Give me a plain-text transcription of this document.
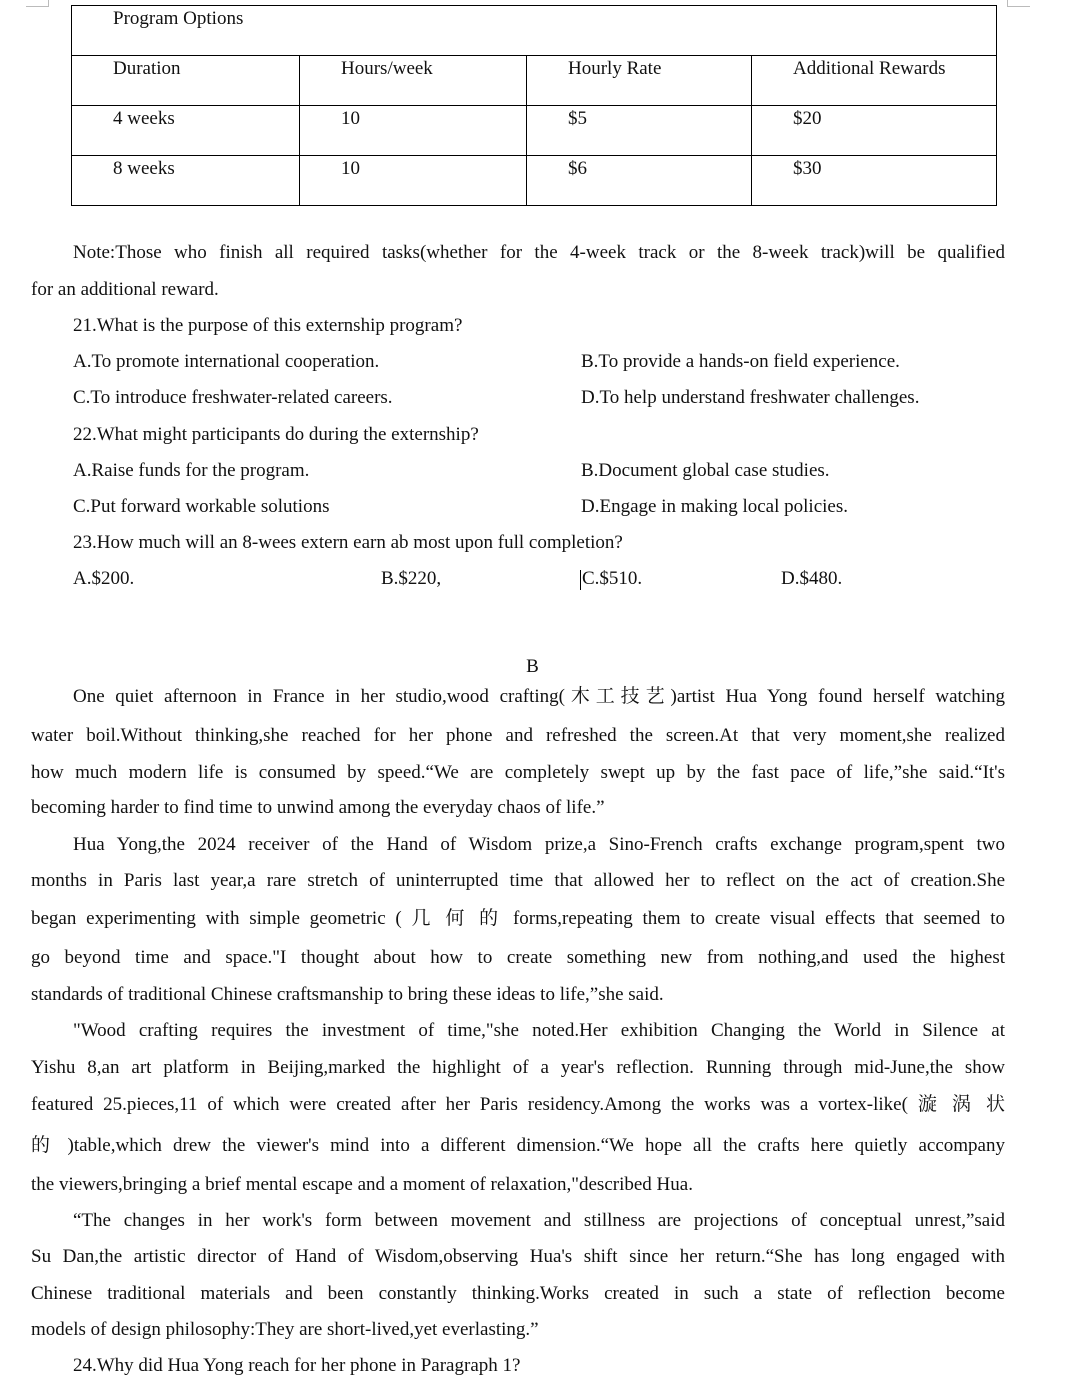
Program Options			
Duration	Hours/week	Hourly Rate	Additional Rewards
4 weeks	10	$5	$20
8 weeks	10	$6	$30
Note:Those who finish all required tasks(whether for the 4-week track or the 8-week track)will be qualified
for an additional reward.
21.What is the purpose of this externship program?
A.To promote international cooperation.	B.To provide a hands-on field experience.
C.To introduce freshwater-related careers.	D.To help understand freshwater challenges.
22.What might participants do during the externship?
A.Raise funds for the program.	B.Document global case studies.
C.Put forward workable solutions	D.Engage in making local policies.
23.How much will an 8-wees extern earn ab most upon full completion?
A.$200.	B.$220,	C.$510.	D.$480.
B
One quiet afternoon in France in her studio,wood crafting(木工技艺)artist Hua Yong found herself watching
water boil.Without thinking,she reached for her phone and refreshed the screen.At that very moment,she realized
how much modern life is consumed by speed.“We are completely swept up by the fast pace of life,”she said.“It's
becoming harder to find time to unwind among the everyday chaos of life.”
Hua Yong,the 2024 receiver of the Hand of Wisdom prize,a Sino-French crafts exchange program,spent two
months in Paris last year,a rare stretch of uninterrupted time that allowed her to reflect on the act of creation.She
began experimenting with simple geometric ( 几 何 的 forms,repeating them to create visual effects that seemed to
go beyond time and space."I thought about how to create something new from nothing,and used the highest
standards of traditional Chinese craftsmanship to bring these ideas to life,”she said.
"Wood crafting requires the investment of time,"she noted.Her exhibition Changing the World in Silence at
Yishu 8,an art platform in Beijing,marked the highlight of a year's reflection. Running through mid-June,the show
featured 25.pieces,11 of which were created after her Paris residency.Among the works was a vortex-like( 漩 涡 状
的 )table,which drew the viewer's mind into a different dimension.“We hope all the crafts here quietly accompany
the viewers,bringing a brief mental escape and a moment of relaxation,"described Hua.
“The changes in her work's form between movement and stillness are projections of conceptual unrest,”said
Su Dan,the artistic director of Hand of Wisdom,observing Hua's shift since her return.“She has long engaged with
Chinese traditional materials and been constantly thinking.Works created in such a state of reflection become
models of design philosophy:They are short-lived,yet everlasting.”
24.Why did Hua Yong reach for her phone in Paragraph 1?
